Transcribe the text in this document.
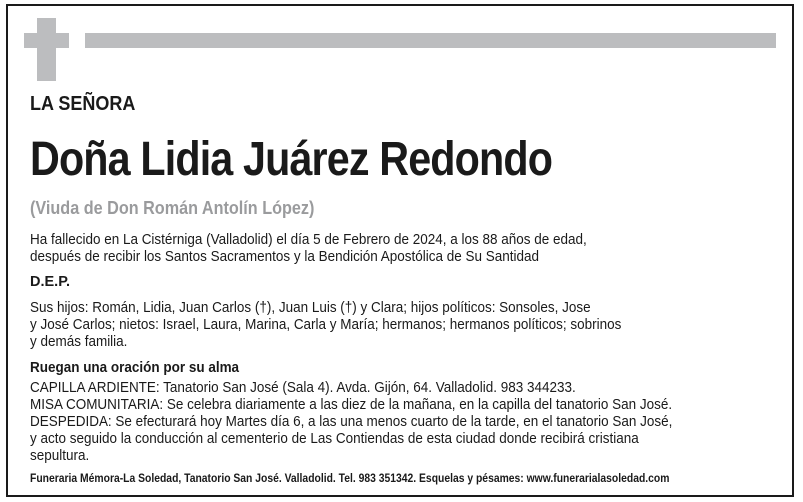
LA SEÑORA
Doña Lidia Juárez Redondo
(Viuda de Don Román Antolín López)
Ha fallecido en La Cistérniga (Valladolid) el día 5 de Febrero de 2024, a los 88 años de edad,
después de recibir los Santos Sacramentos y la Bendición Apostólica de Su Santidad
D.E.P.
Sus hijos: Román, Lidia, Juan Carlos (†), Juan Luis (†) y Clara; hijos políticos: Sonsoles, Jose
y José Carlos; nietos: Israel, Laura, Marina, Carla y María; hermanos; hermanos políticos; sobrinos
y demás familia.
Ruegan una oración por su alma
CAPILLA ARDIENTE: Tanatorio San José (Sala 4). Avda. Gijón, 64. Valladolid. 983 344233.
MISA COMUNITARIA: Se celebra diariamente a las diez de la mañana, en la capilla del tanatorio San José.
DESPEDIDA: Se efecturará hoy Martes día 6, a las una menos cuarto de la tarde, en el tanatorio San José,
y acto seguido la conducción al cementerio de Las Contiendas de esta ciudad donde recibirá cristiana
sepultura.
Funeraria Mémora-La Soledad, Tanatorio San José. Valladolid. Tel. 983 351342. Esquelas y pésames: www.funerarialasoledad.com
